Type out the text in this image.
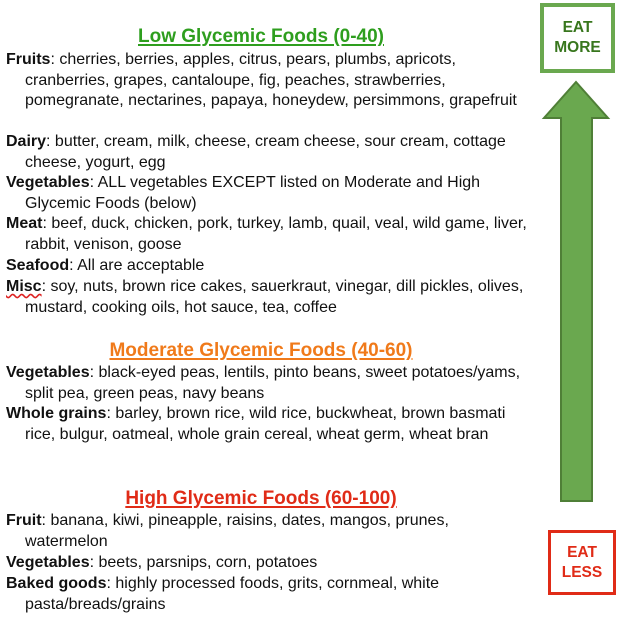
Low Glycemic Foods (0-40)
Fruits: cherries, berries, apples, citrus, pears, plumbs, apricots, cranberries, grapes, cantaloupe, fig, peaches, strawberries, pomegranate, nectarines, papaya, honeydew, persimmons, grapefruit
Dairy: butter, cream, milk, cheese, cream cheese, sour cream, cottage cheese, yogurt, egg
Vegetables: ALL vegetables EXCEPT listed on Moderate and High Glycemic Foods (below)
Meat: beef, duck, chicken, pork, turkey, lamb, quail, veal, wild game, liver, rabbit, venison, goose
Seafood: All are acceptable
Misc: soy, nuts, brown rice cakes, sauerkraut, vinegar, dill pickles, olives, mustard, cooking oils, hot sauce, tea, coffee
Moderate Glycemic Foods (40-60)
Vegetables: black-eyed peas, lentils, pinto beans, sweet potatoes/yams, split pea, green peas, navy beans
Whole grains: barley, brown rice, wild rice, buckwheat, brown basmati rice, bulgur, oatmeal, whole grain cereal, wheat germ, wheat bran
High Glycemic Foods (60-100)
Fruit: banana, kiwi, pineapple, raisins, dates, mangos, prunes, watermelon
Vegetables: beets, parsnips, corn, potatoes
Baked goods: highly processed foods, grits, cornmeal, white pasta/breads/grains
EAT
MORE
EAT
LESS
